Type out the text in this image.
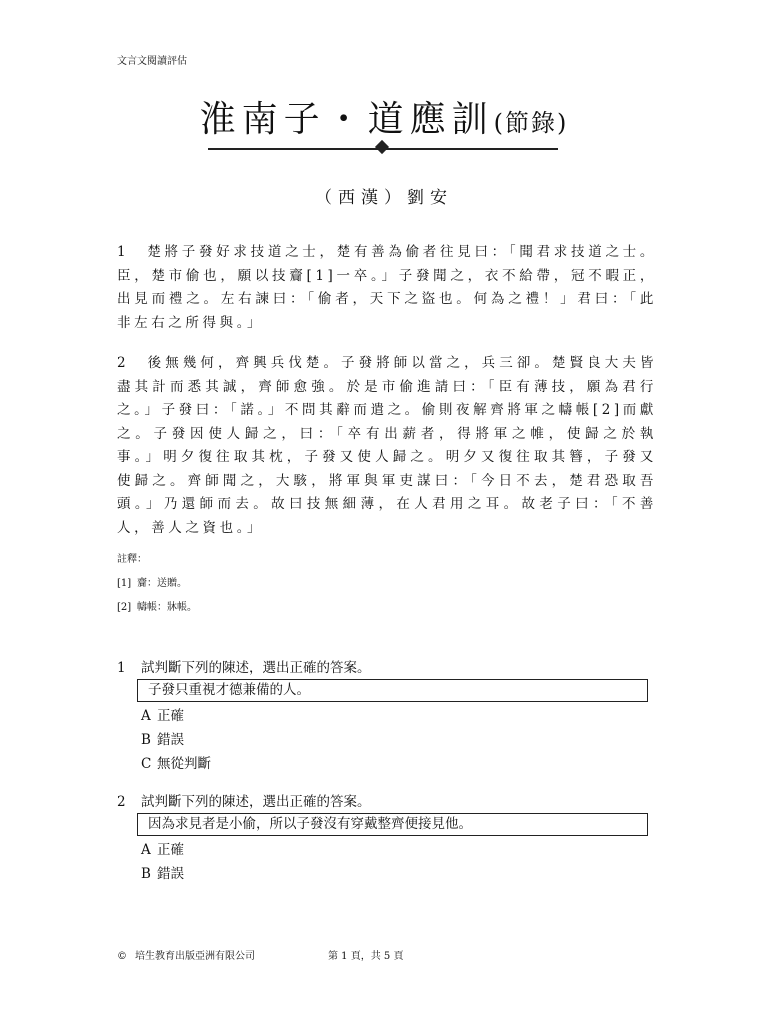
文言文閱讀評估
淮南子・道應訓(節錄)
（西漢）劉安
1 楚將子發好求技道之士，楚有善為偷者往見曰：「聞君求技道之士。臣，楚市偷也，願以技齎[1]一卒。」子發聞之，衣不給帶，冠不暇正，出見而禮之。左右諫曰：「偷者，天下之盜也。何為之禮！」君曰：「此非左右之所得與。」
2 後無幾何，齊興兵伐楚。子發將師以當之，兵三卻。楚賢良大夫皆盡其計而悉其誠，齊師愈強。於是市偷進請曰：「臣有薄技，願為君行之。」子發曰：「諾。」不問其辭而遣之。偷則夜解齊將軍之幬帳[2]而獻之。子發因使人歸之，曰：「卒有出薪者，得將軍之帷，使歸之於執事。」明夕復往取其枕，子發又使人歸之。明夕又復往取其簪，子發又使歸之。齊師聞之，大駭，將軍與軍吏謀曰：「今日不去，楚君恐取吾頭。」乃還師而去。故曰技無細薄，在人君用之耳。故老子曰：「不善人，善人之資也。」
註釋：
[1] 齎：送贈。
[2] 幬帳：牀帳。
1 試判斷下列的陳述，選出正確的答案。
子發只重視才德兼備的人。
A 正確
B 錯誤
C 無從判斷
2 試判斷下列的陳述，選出正確的答案。
因為求見者是小偷，所以子發沒有穿戴整齊便接見他。
A 正確
B 錯誤
© 培生教育出版亞洲有限公司	第 1 頁，共 5 頁
